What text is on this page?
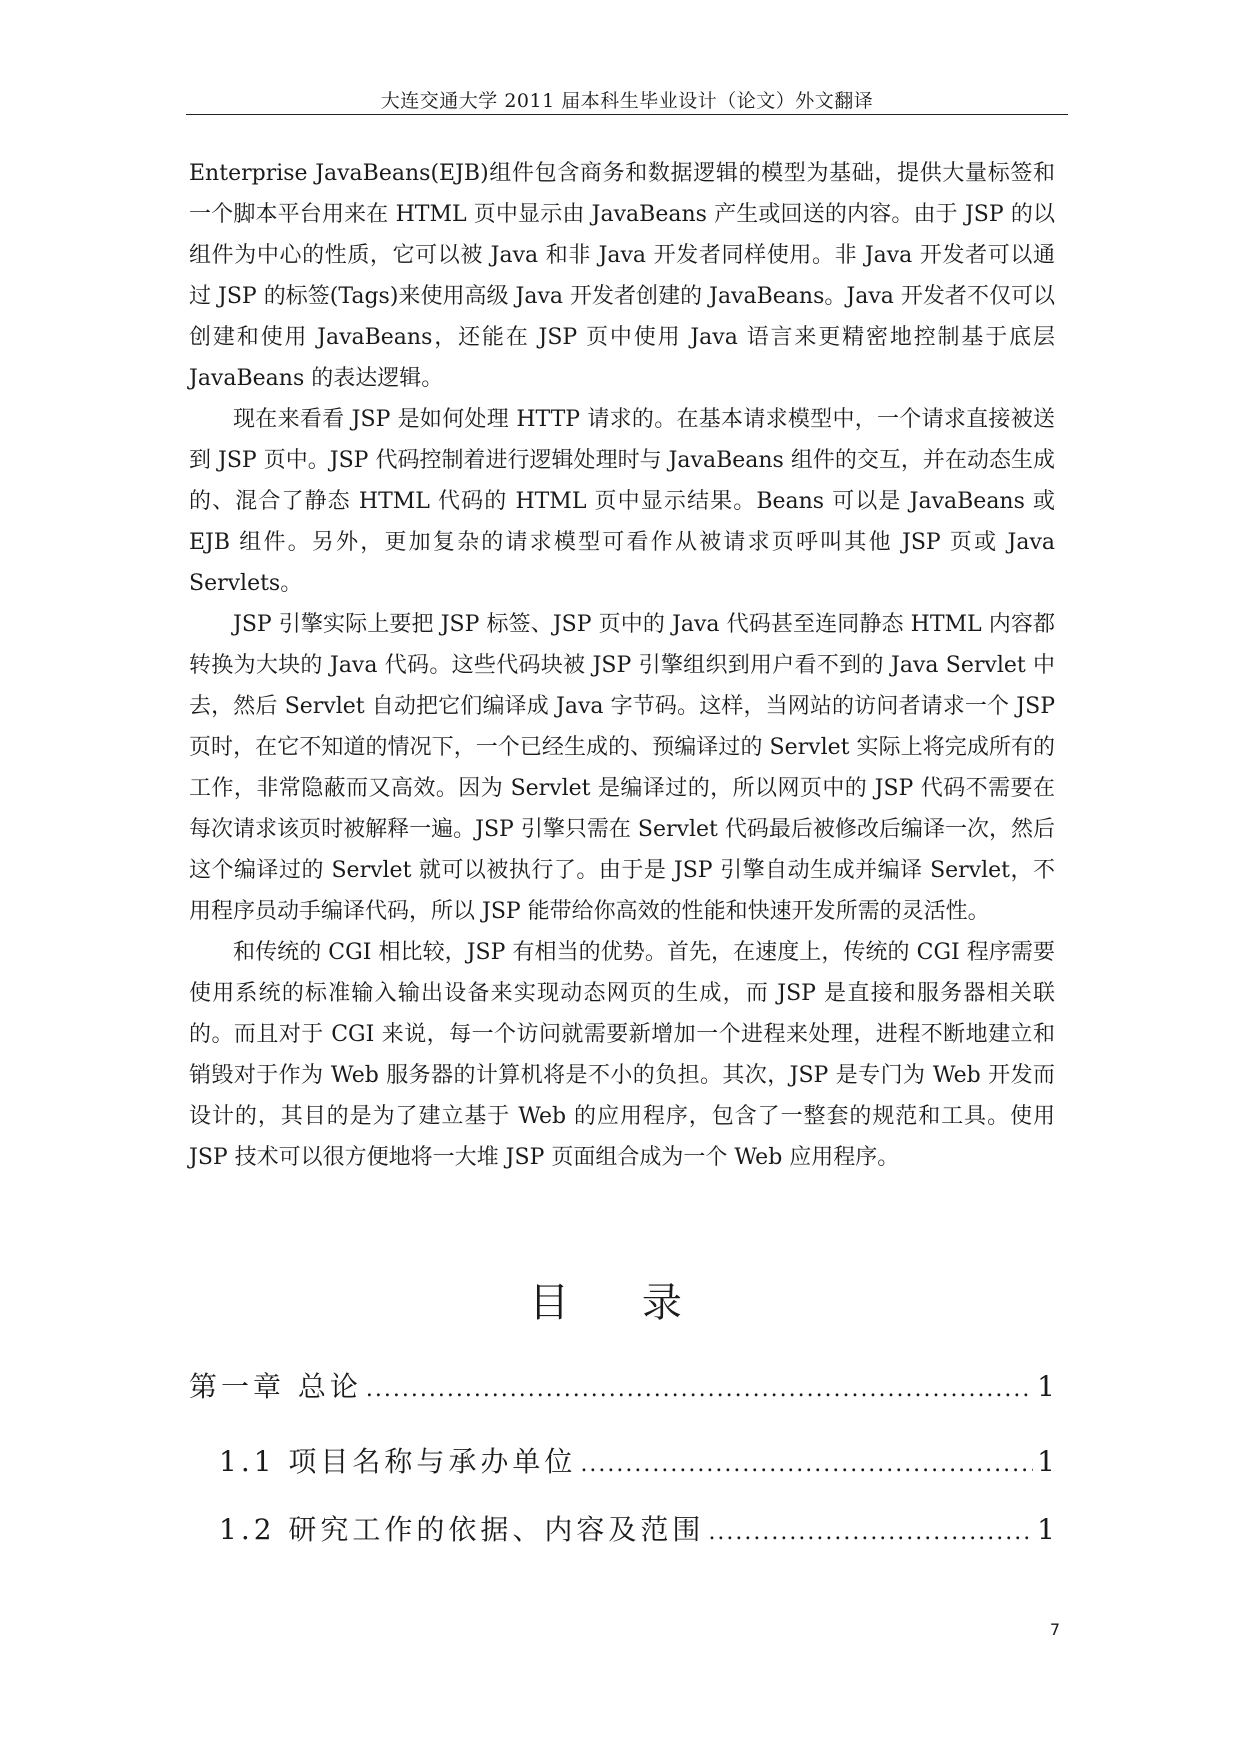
大连交通大学 2011 届本科生毕业设计（论文）外文翻译

Enterprise JavaBeans(EJB)组件包含商务和数据逻辑的模型为基础，提供大量标签和一个脚本平台用来在 HTML 页中显示由 JavaBeans 产生或回送的内容。由于 JSP 的以组件为中心的性质，它可以被 Java 和非 Java 开发者同样使用。非 Java 开发者可以通过 JSP 的标签(Tags)来使用高级 Java 开发者创建的 JavaBeans。Java 开发者不仅可以创建和使用 JavaBeans，还能在 JSP 页中使用 Java 语言来更精密地控制基于底层 JavaBeans 的表达逻辑。

现在来看看 JSP 是如何处理 HTTP 请求的。在基本请求模型中，一个请求直接被送到 JSP 页中。JSP 代码控制着进行逻辑处理时与 JavaBeans 组件的交互，并在动态生成的、混合了静态 HTML 代码的 HTML 页中显示结果。Beans 可以是 JavaBeans 或 EJB 组件。另外，更加复杂的请求模型可看作从被请求页呼叫其他 JSP 页或 Java Servlets。

JSP 引擎实际上要把 JSP 标签、JSP 页中的 Java 代码甚至连同静态 HTML 内容都转换为大块的 Java 代码。这些代码块被 JSP 引擎组织到用户看不到的 Java Servlet 中去，然后 Servlet 自动把它们编译成 Java 字节码。这样，当网站的访问者请求一个 JSP 页时，在它不知道的情况下，一个已经生成的、预编译过的 Servlet 实际上将完成所有的工作，非常隐蔽而又高效。因为 Servlet 是编译过的，所以网页中的 JSP 代码不需要在每次请求该页时被解释一遍。JSP 引擎只需在 Servlet 代码最后被修改后编译一次，然后这个编译过的 Servlet 就可以被执行了。由于是 JSP 引擎自动生成并编译 Servlet，不用程序员动手编译代码，所以 JSP 能带给你高效的性能和快速开发所需的灵活性。

和传统的 CGI 相比较，JSP 有相当的优势。首先，在速度上，传统的 CGI 程序需要使用系统的标准输入输出设备来实现动态网页的生成，而 JSP 是直接和服务器相关联的。而且对于 CGI 来说，每一个访问就需要新增加一个进程来处理，进程不断地建立和销毁对于作为 Web 服务器的计算机将是不小的负担。其次，JSP 是专门为 Web 开发而设计的，其目的是为了建立基于 Web 的应用程序，包含了一整套的规范和工具。使用 JSP 技术可以很方便地将一大堆 JSP 页面组合成为一个 Web 应用程序。

目 录
第一章 总论 .....	1
1.1 项目名称与承办单位 .....	1
1.2 研究工作的依据、内容及范围 .....	1
7
